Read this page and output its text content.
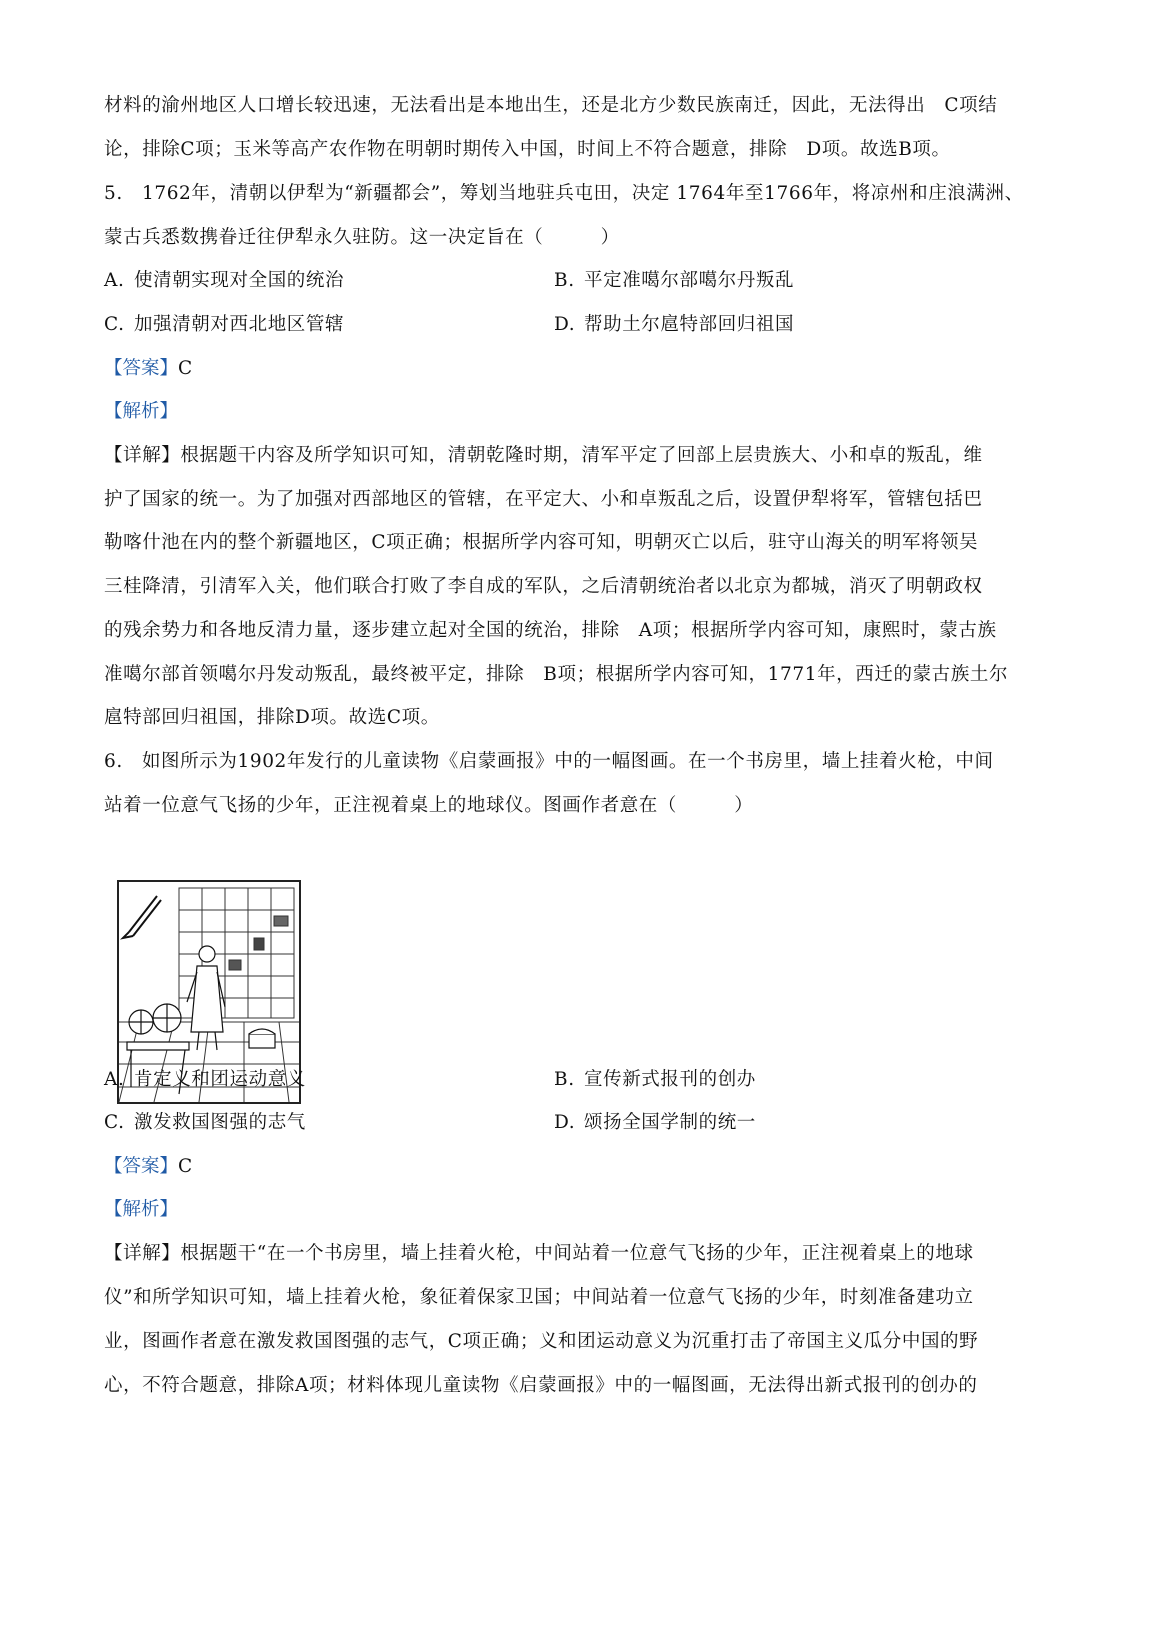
材料的渝州地区人口增长较迅速，无法看出是本地出生，还是北方少数民族南迁，因此，无法得出　C项结
论，排除C项；玉米等高产农作物在明朝时期传入中国，时间上不符合题意，排除　D项。故选B项。
5.　1762年，清朝以伊犁为“新疆都会”，筹划当地驻兵屯田，决定 1764年至1766年，将凉州和庄浪满洲、
蒙古兵悉数携眷迁往伊犁永久驻防。这一决定旨在（　　　）
A. 使清朝实现对全国的统治	B. 平定准噶尔部噶尔丹叛乱
C. 加强清朝对西北地区管辖	D. 帮助土尔扈特部回归祖国
【答案】C
【解析】
【详解】根据题干内容及所学知识可知，清朝乾隆时期，清军平定了回部上层贵族大、小和卓的叛乱，维
护了国家的统一。为了加强对西部地区的管辖，在平定大、小和卓叛乱之后，设置伊犁将军，管辖包括巴
勒喀什池在内的整个新疆地区，C项正确；根据所学内容可知，明朝灭亡以后，驻守山海关的明军将领吴
三桂降清，引清军入关，他们联合打败了李自成的军队，之后清朝统治者以北京为都城，消灭了明朝政权
的残余势力和各地反清力量，逐步建立起对全国的统治，排除　A项；根据所学内容可知，康熙时，蒙古族
准噶尔部首领噶尔丹发动叛乱，最终被平定，排除　B项；根据所学内容可知，1771年，西迁的蒙古族土尔
扈特部回归祖国，排除D项。故选C项。
6.　如图所示为1902年发行的儿童读物《启蒙画报》中的一幅图画。在一个书房里，墙上挂着火枪，中间
站着一位意气飞扬的少年，正注视着桌上的地球仪。图画作者意在（　　　）
A. 肯定义和团运动意义	B. 宣传新式报刊的创办
C. 激发救国图强的志气	D. 颂扬全国学制的统一
【答案】C
【解析】
【详解】根据题干“在一个书房里，墙上挂着火枪，中间站着一位意气飞扬的少年，正注视着桌上的地球
仪”和所学知识可知，墙上挂着火枪，象征着保家卫国；中间站着一位意气飞扬的少年，时刻准备建功立
业，图画作者意在激发救国图强的志气，C项正确；义和团运动意义为沉重打击了帝国主义瓜分中国的野
心，不符合题意，排除A项；材料体现儿童读物《启蒙画报》中的一幅图画，无法得出新式报刊的创办的
